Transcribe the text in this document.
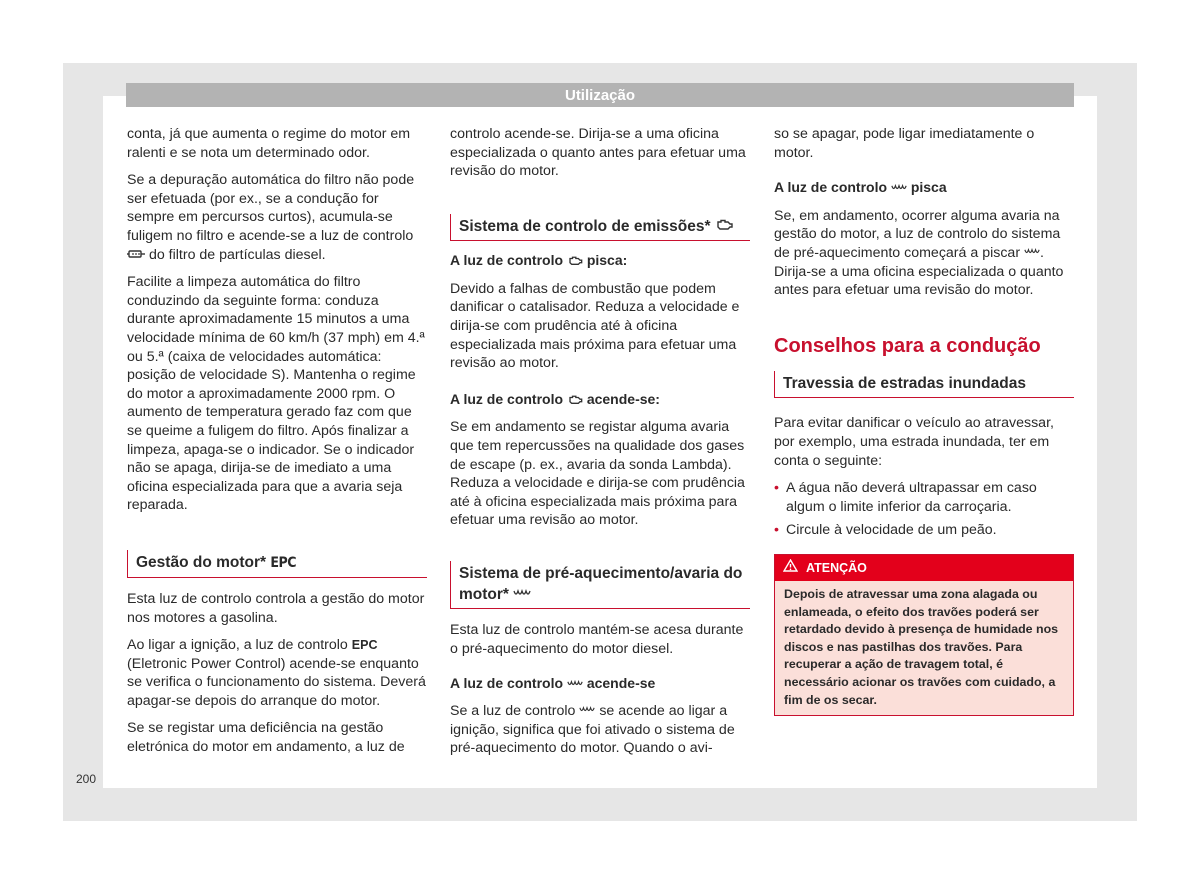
Utilização

conta, já que aumenta o regime do motor em ralenti e se nota um determinado odor.

Se a depuração automática do filtro não pode ser efetuada (por ex., se a condução for sempre em percursos curtos), acumula-se fuligem no filtro e acende-se a luz de controlo  do filtro de partículas diesel.

Facilite a limpeza automática do filtro conduzindo da seguinte forma: conduza durante aproximadamente 15 minutos a uma velocidade mínima de 60 km/h (37 mph) em 4.ª ou 5.ª (caixa de velocidades automática: posição de velocidade S). Mantenha o regime do motor a aproximadamente 2000 rpm. O aumento de temperatura gerado faz com que se queime a fuligem do filtro. Após finalizar a limpeza, apaga-se o indicador. Se o indicador não se apaga, dirija-se de imediato a uma oficina especializada para que a avaria seja reparada.

Gestão do motor* EPC

Esta luz de controlo controla a gestão do motor nos motores a gasolina.

Ao ligar a ignição, a luz de controlo EPC (Eletronic Power Control) acende-se enquanto se verifica o funcionamento do sistema. Deverá apagar-se depois do arranque do motor.

Se se registar uma deficiência na gestão eletrónica do motor em andamento, a luz de

controlo acende-se. Dirija-se a uma oficina especializada o quanto antes para efetuar uma revisão do motor.

Sistema de controlo de emissões*

A luz de controlo pisca:

Devido a falhas de combustão que podem danificar o catalisador. Reduza a velocidade e dirija-se com prudência até à oficina especializada mais próxima para efetuar uma revisão ao motor.

A luz de controlo acende-se:

Se em andamento se registar alguma avaria que tem repercussões na qualidade dos gases de escape (p. ex., avaria da sonda Lambda). Reduza a velocidade e dirija-se com prudência até à oficina especializada mais próxima para efetuar uma revisão ao motor.

Sistema de pré-aquecimento/avaria do motor*

Esta luz de controlo mantém-se acesa durante o pré-aquecimento do motor diesel.

A luz de controlo acende-se

Se a luz de controlo se acende ao ligar a ignição, significa que foi ativado o sistema de pré-aquecimento do motor. Quando o avi-

so se apagar, pode ligar imediatamente o motor.

A luz de controlo pisca

Se, em andamento, ocorrer alguma avaria na gestão do motor, a luz de controlo do sistema de pré-aquecimento começará a piscar . Dirija-se a uma oficina especializada o quanto antes para efetuar uma revisão do motor.

Conselhos para a condução
Travessia de estradas inundadas

Para evitar danificar o veículo ao atravessar, por exemplo, uma estrada inundada, ter em conta o seguinte:

• A água não deverá ultrapassar em caso algum o limite inferior da carroçaria.
• Circule à velocidade de um peão.
ATENÇÃO
Depois de atravessar uma zona alagada ou enlameada, o efeito dos travões poderá ser retardado devido à presença de humidade nos discos e nas pastilhas dos travões. Para recuperar a ação de travagem total, é necessário acionar os travões com cuidado, a fim de os secar.
200
